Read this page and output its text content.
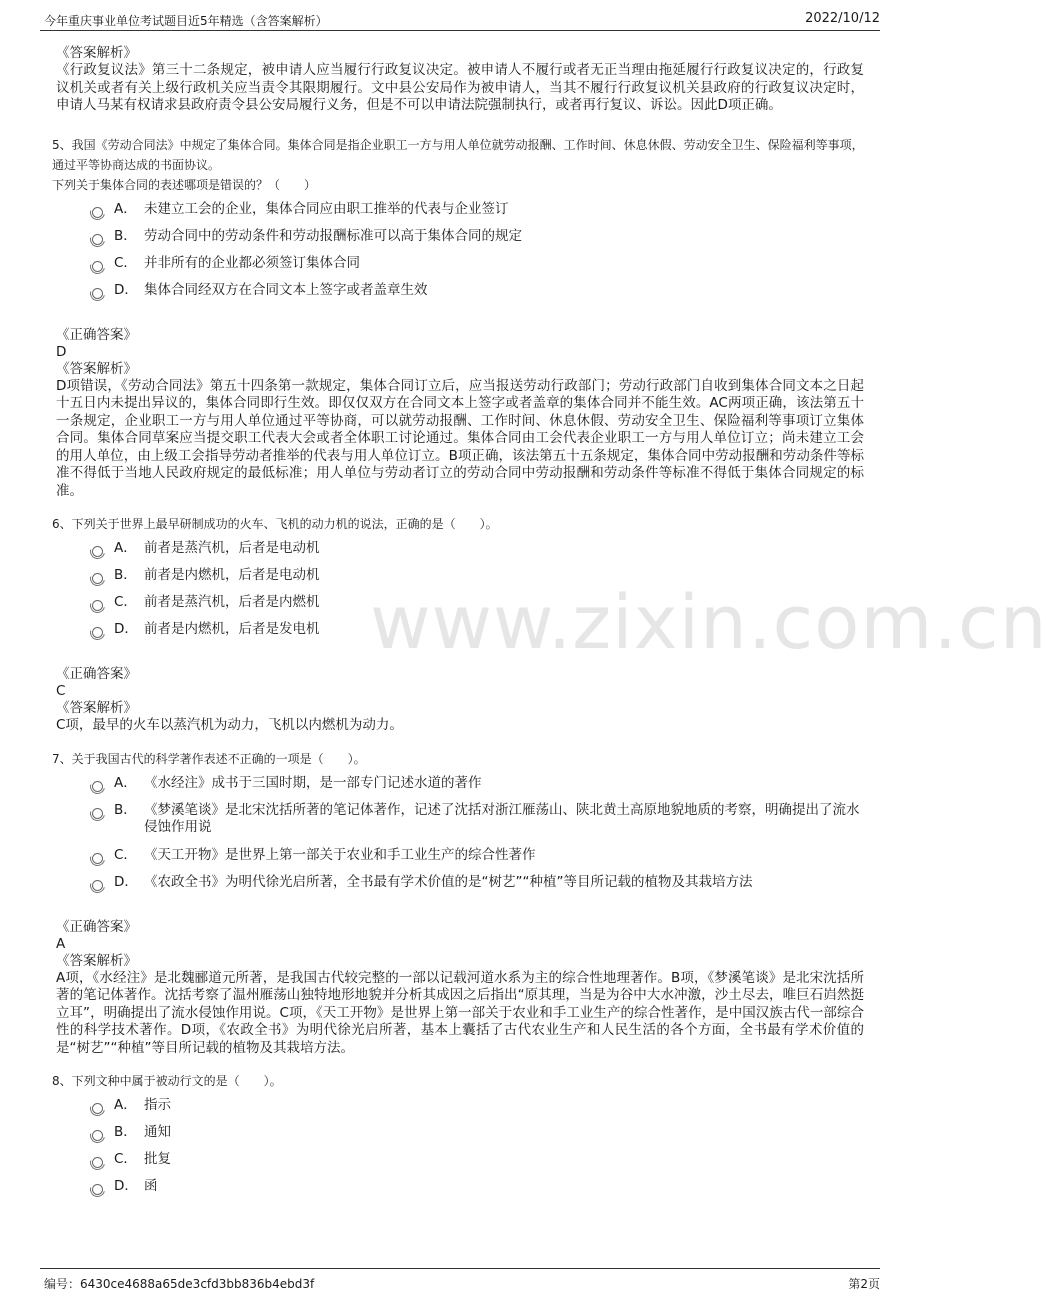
今年重庆事业单位考试题目近5年精选（含答案解析）	2022/10/12
www.zixin.com.cn
《答案解析》
《行政复议法》第三十二条规定，被申请人应当履行行政复议决定。被申请人不履行或者无正当理由拖延履行行政复议决定的，行政复议机关或者有关上级行政机关应当责令其限期履行。文中县公安局作为被申请人，当其不履行行政复议机关县政府的行政复议决定时，申请人马某有权请求县政府责令县公安局履行义务，但是不可以申请法院强制执行，或者再行复议、诉讼。因此D项正确。
5、我国《劳动合同法》中规定了集体合同。集体合同是指企业职工一方与用人单位就劳动报酬、工作时间、休息休假、劳动安全卫生、保险福利等事项，通过平等协商达成的书面协议。
下列关于集体合同的表述哪项是错误的？（　　）
A． 未建立工会的企业，集体合同应由职工推举的代表与企业签订
B． 劳动合同中的劳动条件和劳动报酬标准可以高于集体合同的规定
C． 并非所有的企业都必须签订集体合同
D． 集体合同经双方在合同文本上签字或者盖章生效
《正确答案》
D
《答案解析》
D项错误，《劳动合同法》第五十四条第一款规定，集体合同订立后，应当报送劳动行政部门；劳动行政部门自收到集体合同文本之日起十五日内未提出异议的，集体合同即行生效。即仅仅双方在合同文本上签字或者盖章的集体合同并不能生效。AC两项正确，该法第五十一条规定，企业职工一方与用人单位通过平等协商，可以就劳动报酬、工作时间、休息休假、劳动安全卫生、保险福利等事项订立集体合同。集体合同草案应当提交职工代表大会或者全体职工讨论通过。集体合同由工会代表企业职工一方与用人单位订立；尚未建立工会的用人单位，由上级工会指导劳动者推举的代表与用人单位订立。B项正确，该法第五十五条规定，集体合同中劳动报酬和劳动条件等标准不得低于当地人民政府规定的最低标准；用人单位与劳动者订立的劳动合同中劳动报酬和劳动条件等标准不得低于集体合同规定的标准。
6、下列关于世界上最早研制成功的火车、飞机的动力机的说法，正确的是（　　）。
A． 前者是蒸汽机，后者是电动机
B． 前者是内燃机，后者是电动机
C． 前者是蒸汽机，后者是内燃机
D． 前者是内燃机，后者是发电机
《正确答案》
C
《答案解析》
C项，最早的火车以蒸汽机为动力，飞机以内燃机为动力。
7、关于我国古代的科学著作表述不正确的一项是（　　）。
A． 《水经注》成书于三国时期，是一部专门记述水道的著作
B． 《梦溪笔谈》是北宋沈括所著的笔记体著作，记述了沈括对浙江雁荡山、陕北黄土高原地貌地质的考察，明确提出了流水侵蚀作用说
C． 《天工开物》是世界上第一部关于农业和手工业生产的综合性著作
D． 《农政全书》为明代徐光启所著，全书最有学术价值的是“树艺”“种植”等目所记载的植物及其栽培方法
《正确答案》
A
《答案解析》
A项，《水经注》是北魏郦道元所著，是我国古代较完整的一部以记载河道水系为主的综合性地理著作。B项，《梦溪笔谈》是北宋沈括所著的笔记体著作。沈括考察了温州雁荡山独特地形地貌并分析其成因之后指出“原其理，当是为谷中大水冲激，沙土尽去，唯巨石岿然挺立耳”，明确提出了流水侵蚀作用说。C项，《天工开物》是世界上第一部关于农业和手工业生产的综合性著作，是中国汉族古代一部综合性的科学技术著作。D项，《农政全书》为明代徐光启所著，基本上囊括了古代农业生产和人民生活的各个方面，全书最有学术价值的是“树艺”“种植”等目所记载的植物及其栽培方法。
8、下列文种中属于被动行文的是（　　）。
A． 指示
B． 通知
C． 批复
D． 函
编号：6430ce4688a65de3cfd3bb836b4ebd3f	第2页
